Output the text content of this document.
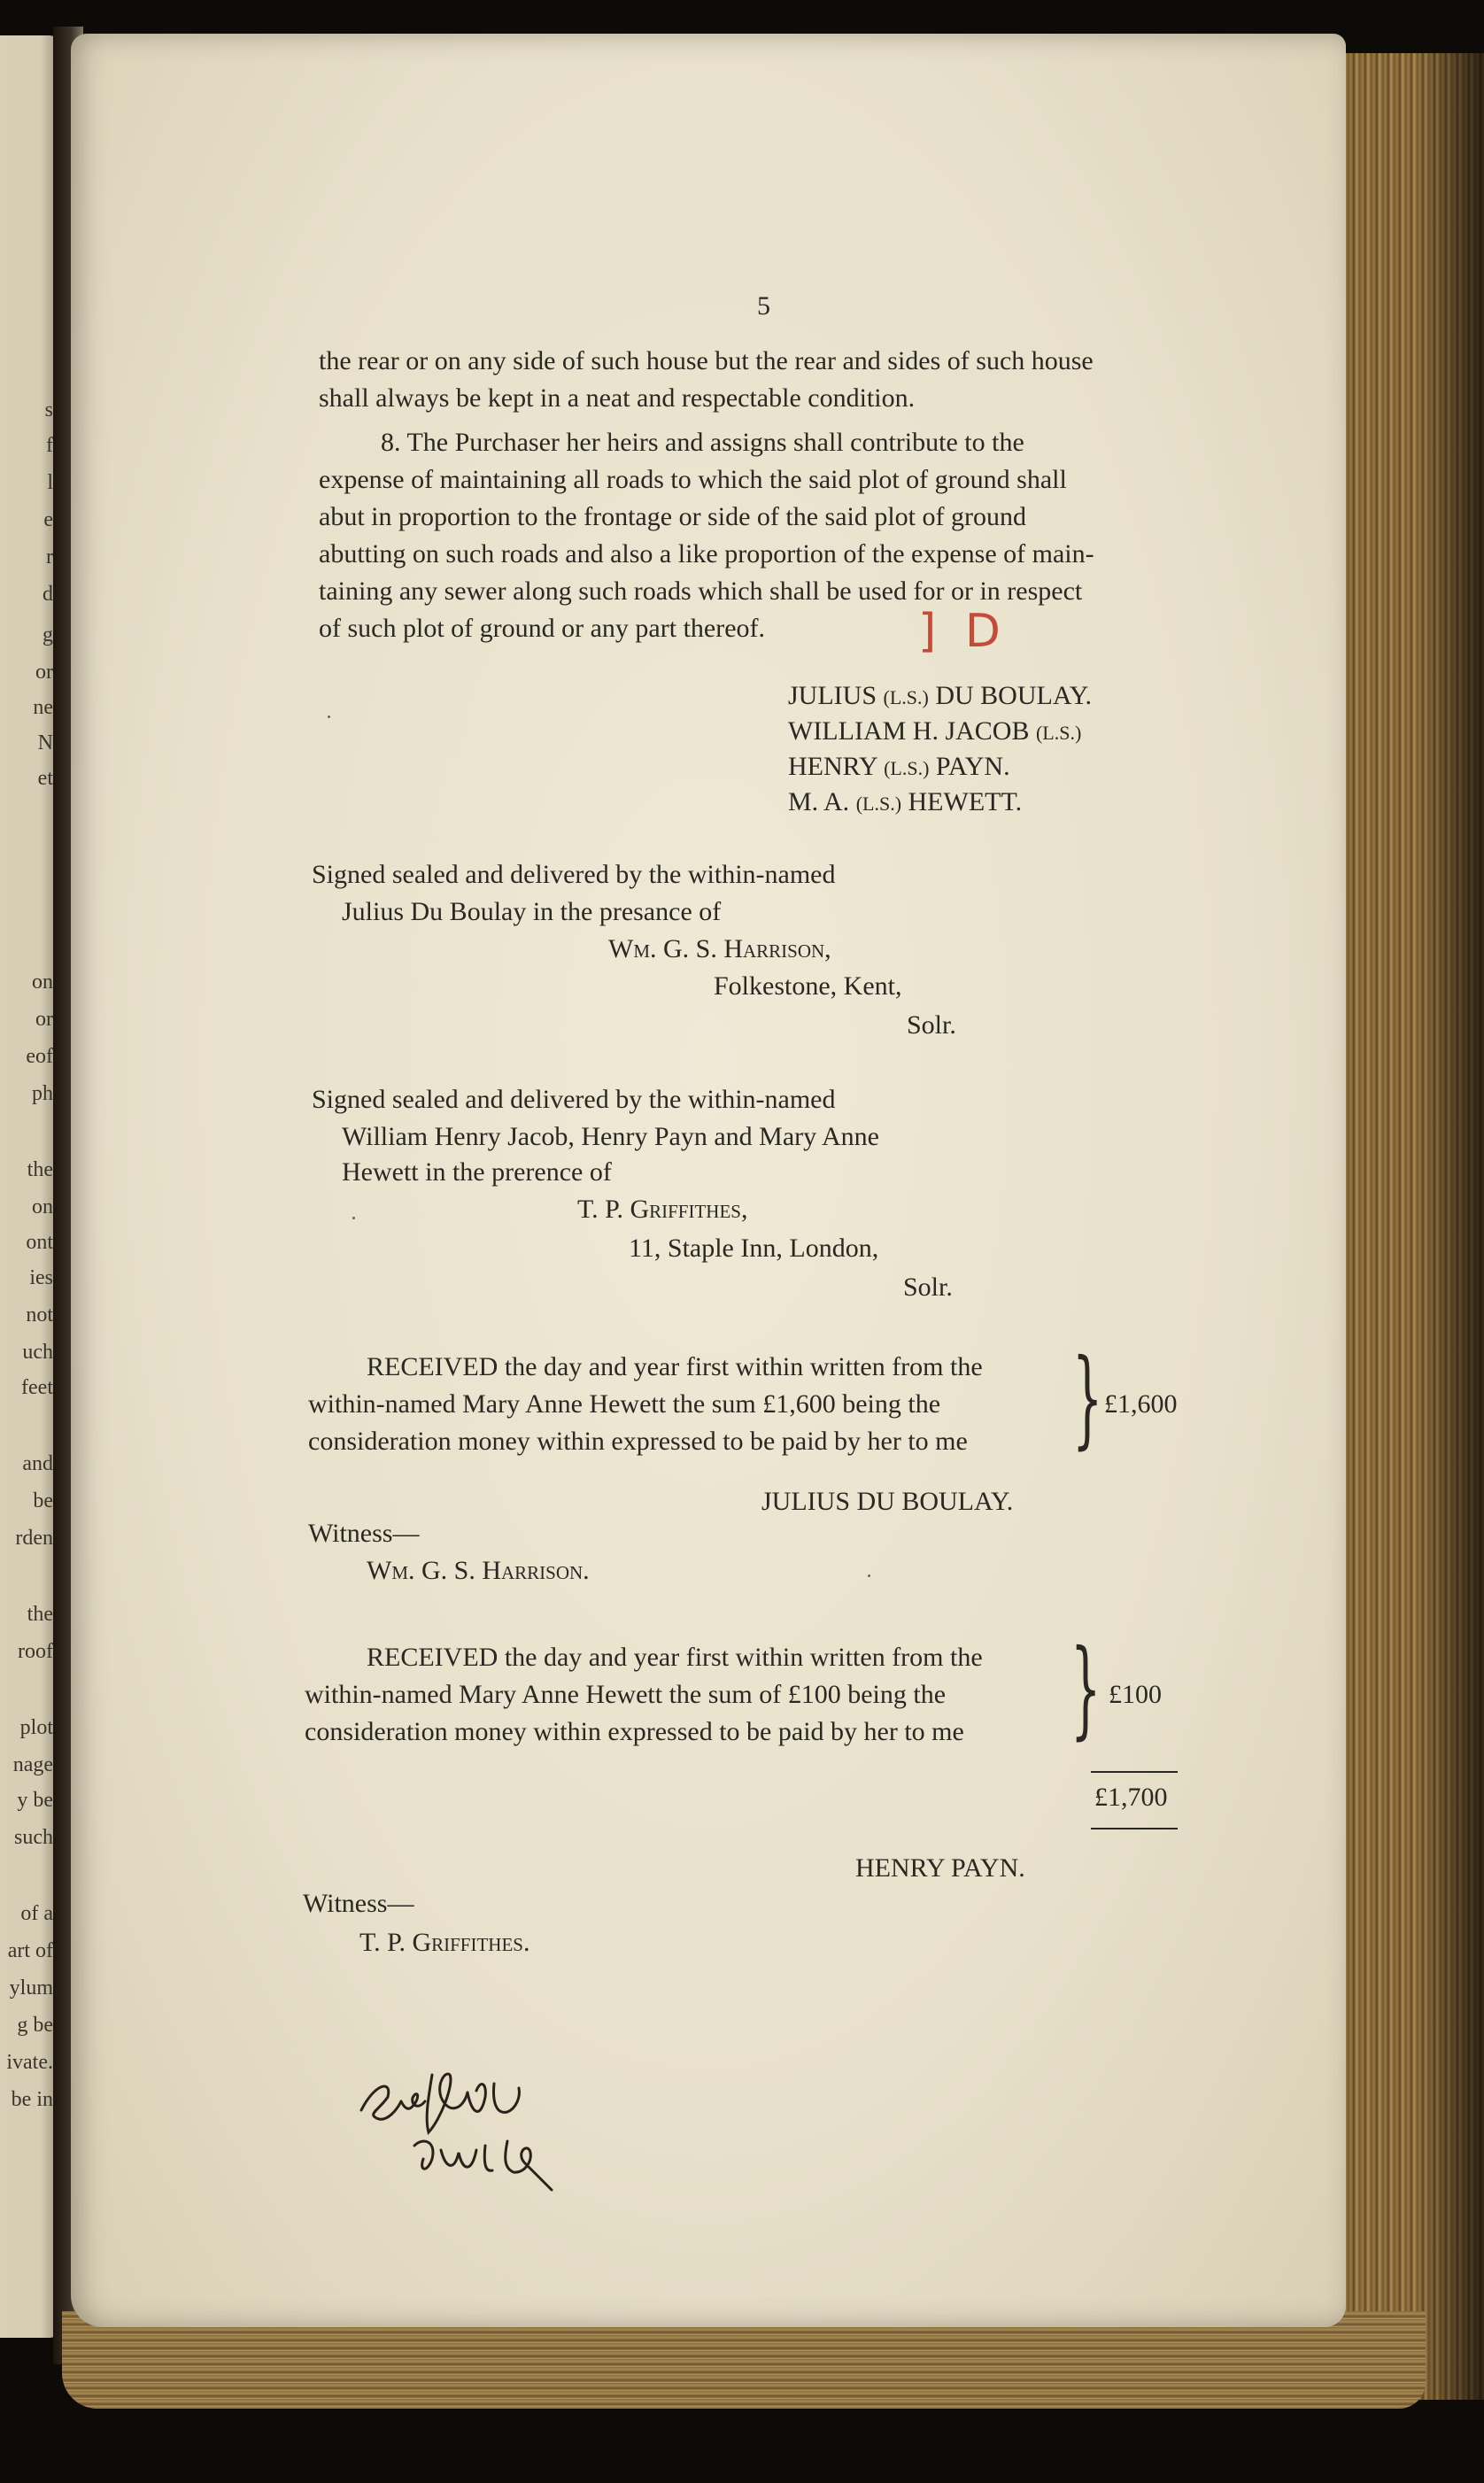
s
f
l
e
r
d
g
or
ne
N
et
on
or
eof
ph
the
on
ont
ies
not
uch
feet
and
be
rden
the
roof
plot
nage
y be
such
of a
art of
ylum
g be
ivate.
be in
5
the rear or on any side of such house but the rear and sides of such house
shall always be kept in a neat and respectable condition.
8. The Purchaser her heirs and assigns shall contribute to the
expense of maintaining all roads to which the said plot of ground shall
abut in proportion to the frontage or side of the said plot of ground
abutting on such roads and also a like proportion of the expense of main-
taining any sewer along such roads which shall be used for or in respect
of such plot of ground or any part thereof.	] D
JULIUS (L.S.) DU BOULAY.
WILLIAM H. JACOB (L.S.)
HENRY (L.S.) PAYN.
M. A. (L.S.) HEWETT.
Signed sealed and delivered by the within-named
Julius Du Boulay in the presance of
Wm. G. S. Harrison,
Folkestone, Kent,
Solr.
Signed sealed and delivered by the within-named
William Henry Jacob, Henry Payn and Mary Anne
Hewett in the prerence of
T. P. Griffithes,
11, Staple Inn, London,
Solr.
RECEIVED the day and year first within written from the
within-named Mary Anne Hewett the sum £1,600 being the
consideration money within expressed to be paid by her to me } £1,600
JULIUS DU BOULAY.
Witness—
Wm. G. S. Harrison.
RECEIVED the day and year first within written from the
within-named Mary Anne Hewett the sum of £100 being the
consideration money within expressed to be paid by her to me } £100
£1,700
HENRY PAYN.
Witness—
T. P. Griffithes.
